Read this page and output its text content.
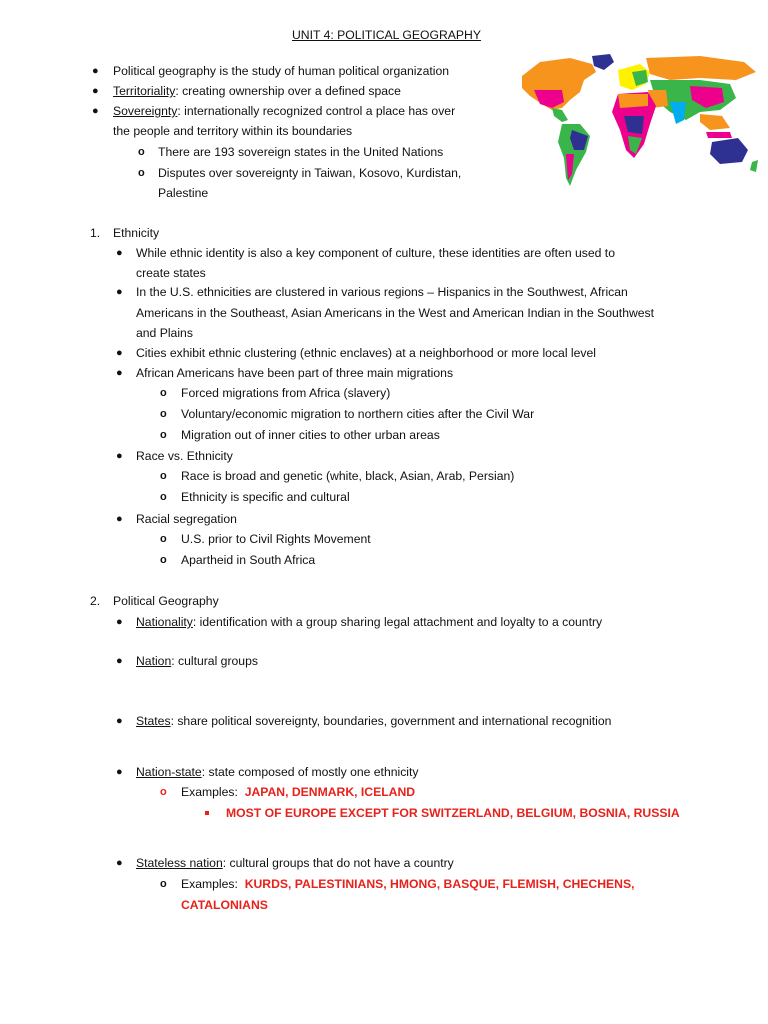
UNIT 4: POLITICAL GEOGRAPHY
● Political geography is the study of human political organization
● Territoriality: creating ownership over a defined space
● Sovereignty: internationally recognized control a place has over
the people and territory within its boundaries
o There are 193 sovereign states in the United Nations
o Disputes over sovereignty in Taiwan, Kosovo, Kurdistan,
Palestine
1. Ethnicity
● While ethnic identity is also a key component of culture, these identities are often used to
create states
● In the U.S. ethnicities are clustered in various regions – Hispanics in the Southwest, African
Americans in the Southeast, Asian Americans in the West and American Indian in the Southwest
and Plains
● Cities exhibit ethnic clustering (ethnic enclaves) at a neighborhood or more local level
● African Americans have been part of three main migrations
o Forced migrations from Africa (slavery)
o Voluntary/economic migration to northern cities after the Civil War
o Migration out of inner cities to other urban areas
● Race vs. Ethnicity
o Race is broad and genetic (white, black, Asian, Arab, Persian)
o Ethnicity is specific and cultural
● Racial segregation
o U.S. prior to Civil Rights Movement
o Apartheid in South Africa
2. Political Geography
● Nationality: identification with a group sharing legal attachment and loyalty to a country
● Nation: cultural groups
● States: share political sovereignty, boundaries, government and international recognition
● Nation-state: state composed of mostly one ethnicity
o Examples: JAPAN, DENMARK, ICELAND
MOST OF EUROPE EXCEPT FOR SWITZERLAND, BELGIUM, BOSNIA, RUSSIA
● Stateless nation: cultural groups that do not have a country
o Examples: KURDS, PALESTINIANS, HMONG, BASQUE, FLEMISH, CHECHENS,
CATALONIANS
